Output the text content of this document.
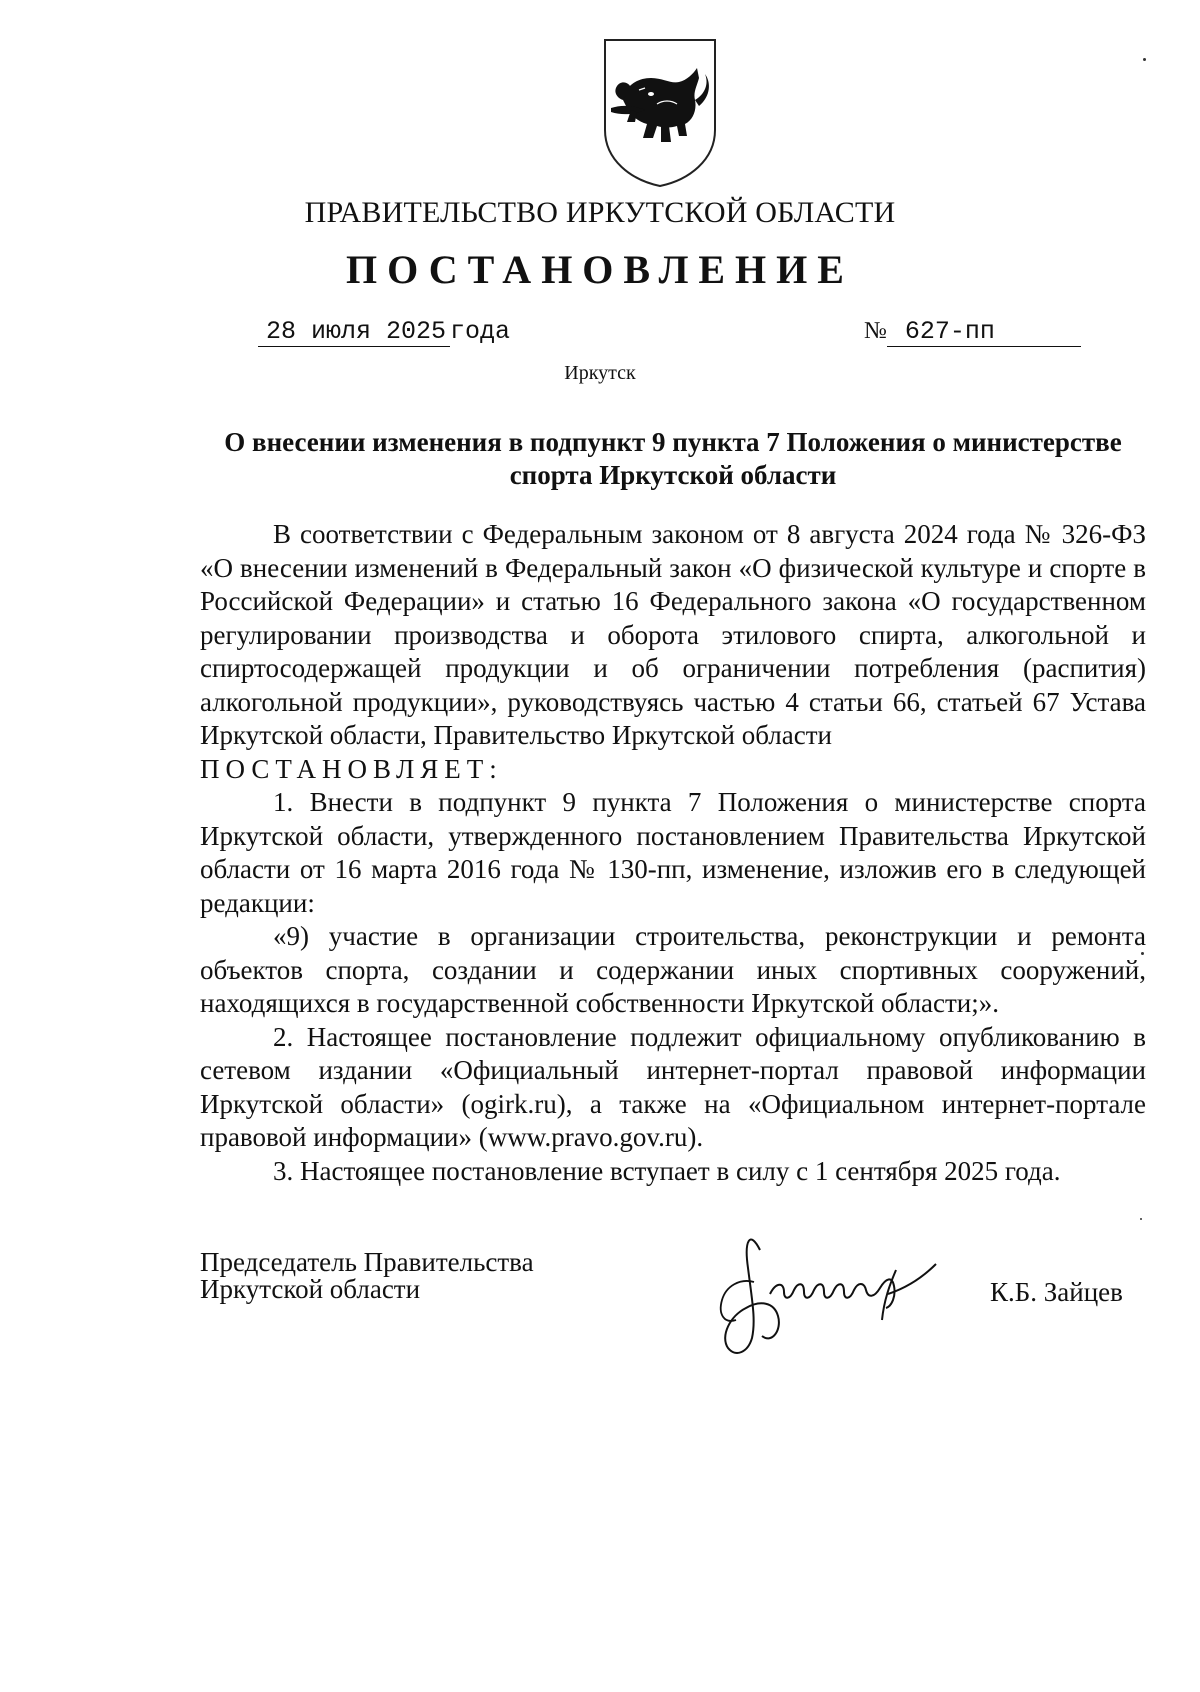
ПРАВИТЕЛЬСТВО ИРКУТСКОЙ ОБЛАСТИ
ПОСТАНОВЛЕНИЕ
28 июля 2025 года	№ 627-пп
Иркутск
О внесении изменения в подпункт 9 пункта 7 Положения о министерстве спорта Иркутской области

В соответствии с Федеральным законом от 8 августа 2024 года № 326-ФЗ «О внесении изменений в Федеральный закон «О физической культуре и спорте в Российской Федерации» и статью 16 Федерального закона «О государственном регулировании производства и оборота этилового спирта, алкогольной и спиртосодержащей продукции и об ограничении потребления (распития) алкогольной продукции», руководствуясь частью 4 статьи 66, статьей 67 Устава Иркутской области, Правительство Иркутской области

ПОСТАНОВЛЯЕТ:

1. Внести в подпункт 9 пункта 7 Положения о министерстве спорта Иркутской области, утвержденного постановлением Правительства Иркутской области от 16 марта 2016 года № 130-пп, изменение, изложив его в следующей редакции:

«9) участие в организации строительства, реконструкции и ремонта объектов спорта, создании и содержании иных спортивных сооружений, находящихся в государственной собственности Иркутской области;».

2. Настоящее постановление подлежит официальному опубликованию в сетевом издании «Официальный интернет-портал правовой информации Иркутской области» (ogirk.ru), а также на «Официальном интернет-портале правовой информации» (www.pravo.gov.ru).

3. Настоящее постановление вступает в силу с 1 сентября 2025 года.

Председатель Правительства
Иркутской области	К.Б. Зайцев
